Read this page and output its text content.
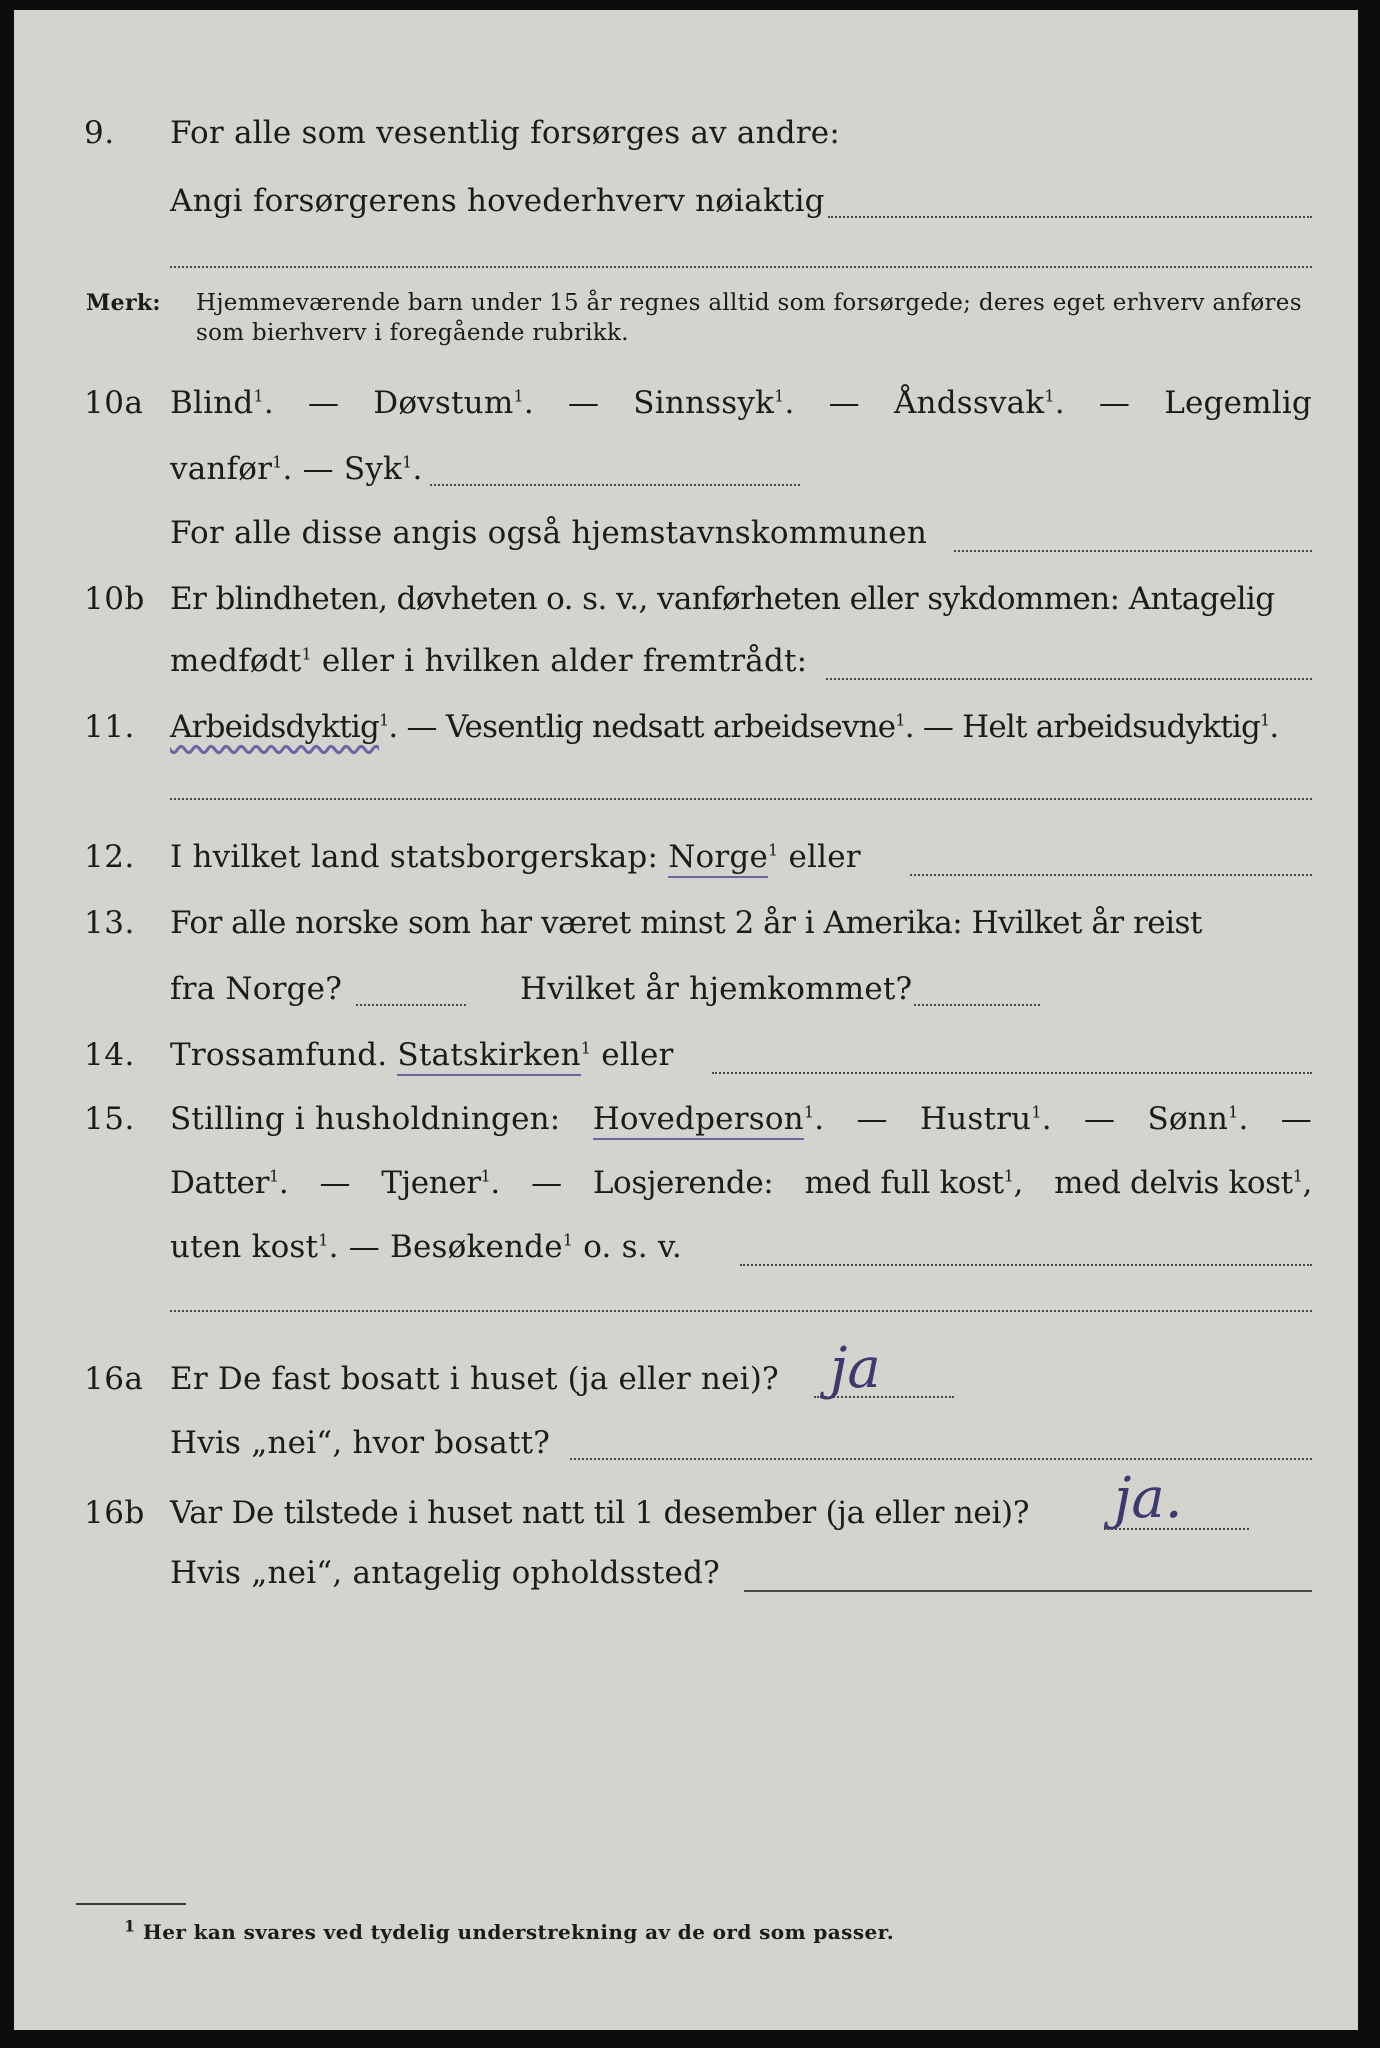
9. For alle som vesentlig forsørges av andre:
Angi forsørgerens hovederhverv nøiaktig
Merk: Hjemmeværende barn under 15 år regnes alltid som forsørgede; deres eget erhverv anføres som bierhverv i foregående rubrikk.
10a Blind$^1$. — Døvstum$^1$. — Sinnssyk$^1$. — Åndssvak$^1$. — Legemlig
vanfør$^1$. — Syk$^1$.
For alle disse angis også hjemstavnskommunen
10b Er blindheten, døvheten o. s. v., vanførheten eller sykdommen: Antagelig
medfødt$^1$ eller i hvilken alder fremtrådt:
11. Arbeidsdyktig$^1$. — Vesentlig nedsatt arbeidsevne$^1$. — Helt arbeidsudyktig$^1$.
12. I hvilket land statsborgerskap: Norge$^1$ eller
13. For alle norske som har været minst 2 år i Amerika: Hvilket år reist
fra Norge?	Hvilket år hjemkommet?
14. Trossamfund. Statskirken$^1$ eller
15. Stilling i husholdningen: Hovedperson$^1$. — Hustru$^1$. — Sønn$^1$. —
Datter$^1$. — Tjener$^1$. — Losjerende: med full kost$^1$, med delvis kost$^1$,
uten kost$^1$. — Besøkende$^1$ o. s. v.
16a Er De fast bosatt i huset (ja eller nei)? ja
Hvis „nei“, hvor bosatt?
16b Var De tilstede i huset natt til 1 desember (ja eller nei)?	ja.
Hvis „nei“, antagelig opholdssted?
$^1$ Her kan svares ved tydelig understrekning av de ord som passer.
